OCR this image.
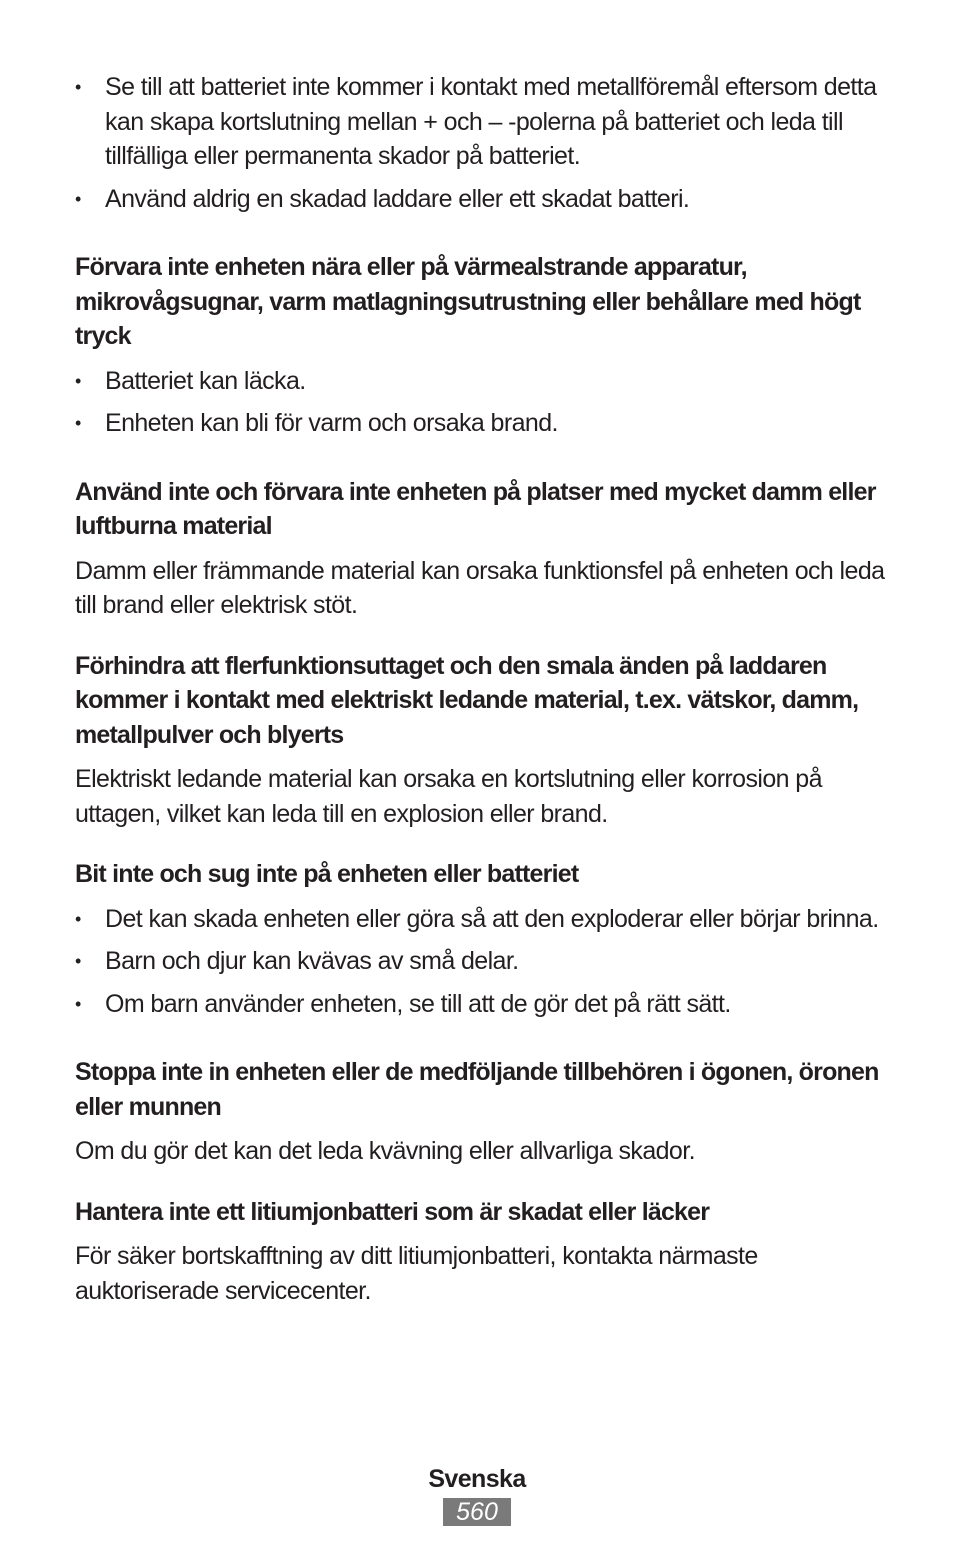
• Se till att batteriet inte kommer i kontakt med metallföremål eftersom detta kan skapa kortslutning mellan + och – -polerna på batteriet och leda till tillfälliga eller permanenta skador på batteriet.
• Använd aldrig en skadad laddare eller ett skadat batteri.

Förvara inte enheten nära eller på värmealstrande apparatur, mikrovågsugnar, varm matlagningsutrustning eller behållare med högt tryck

• Batteriet kan läcka.
• Enheten kan bli för varm och orsaka brand.

Använd inte och förvara inte enheten på platser med mycket damm eller luftburna material

Damm eller främmande material kan orsaka funktionsfel på enheten och leda till brand eller elektrisk stöt.

Förhindra att flerfunktionsuttaget och den smala änden på laddaren kommer i kontakt med elektriskt ledande material, t.ex. vätskor, damm, metallpulver och blyerts

Elektriskt ledande material kan orsaka en kortslutning eller korrosion på uttagen, vilket kan leda till en explosion eller brand.

Bit inte och sug inte på enheten eller batteriet

• Det kan skada enheten eller göra så att den exploderar eller börjar brinna.
• Barn och djur kan kvävas av små delar.
• Om barn använder enheten, se till att de gör det på rätt sätt.

Stoppa inte in enheten eller de medföljande tillbehören i ögonen, öronen eller munnen

Om du gör det kan det leda kvävning eller allvarliga skador.

Hantera inte ett litiumjonbatteri som är skadat eller läcker

För säker bortskafftning av ditt litiumjonbatteri, kontakta närmaste auktoriserade servicecenter.

Svenska
560
